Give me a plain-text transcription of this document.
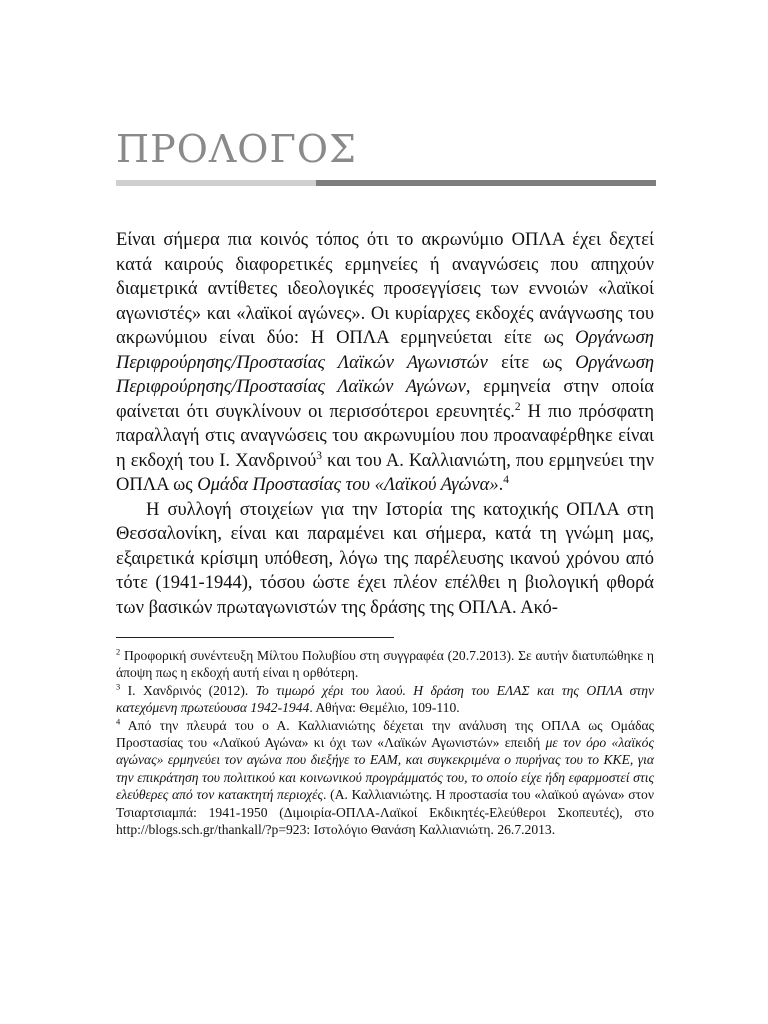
ΠΡΟΛΟΓΟΣ

Είναι σήμερα πια κοινός τόπος ότι το ακρωνύμιο ΟΠΛΑ έχει δεχτεί κατά καιρούς διαφορετικές ερμηνείες ή αναγνώσεις που απηχούν διαμετρικά αντίθετες ιδεολογικές προσεγγίσεις των εννοιών «λαϊκοί αγωνιστές» και «λαϊκοί αγώνες». Οι κυρίαρχες εκδοχές ανάγνωσης του ακρωνύμιου είναι δύο: Η ΟΠΛΑ ερμηνεύεται είτε ως Οργάνωση Περιφρούρησης/Προστασίας Λαϊκών Αγωνιστών είτε ως Οργάνωση Περιφρούρησης/Προστασίας Λαϊκών Αγώνων, ερμηνεία στην οποία φαίνεται ότι συγκλίνουν οι περισσότεροι ερευνητές.$^2$ Η πιο πρόσφατη παραλλαγή στις αναγνώσεις του ακρωνυμίου που προαναφέρθηκε είναι η εκδοχή του Ι. Χανδρινού$^3$ και του Α. Καλλιανιώτη, που ερμηνεύει την ΟΠΛΑ ως Ομάδα Προστασίας του «Λαϊκού Αγώνα».$^4$

Η συλλογή στοιχείων για την Ιστορία της κατοχικής ΟΠΛΑ στη Θεσσαλονίκη, είναι και παραμένει και σήμερα, κατά τη γνώμη μας, εξαιρετικά κρίσιμη υπόθεση, λόγω της παρέλευσης ικανού χρόνου από τότε (1941-1944), τόσου ώστε έχει πλέον επέλθει η βιολογική φθορά των βασικών πρωταγωνιστών της δράσης της ΟΠΛΑ. Ακό-

$^2$ Προφορική συνέντευξη Μίλτου Πολυβίου στη συγγραφέα (20.7.2013). Σε αυτήν διατυπώθηκε η άποψη πως η εκδοχή αυτή είναι η ορθότερη.

$^3$ Ι. Χανδρινός (2012). Το τιμωρό χέρι του λαού. Η δράση του ΕΛΑΣ και της ΟΠΛΑ στην κατεχόμενη πρωτεύουσα 1942-1944. Αθήνα: Θεμέλιο, 109-110.

$^4$ Από την πλευρά του ο Α. Καλλιανιώτης δέχεται την ανάλυση της ΟΠΛΑ ως Ομάδας Προστασίας του «Λαϊκού Αγώνα» κι όχι των «Λαϊκών Αγωνιστών» επειδή με τον όρο «λαϊκός αγώνας» ερμηνεύει τον αγώνα που διεξήγε το ΕΑΜ, και συγκεκριμένα ο πυρήνας του το ΚΚΕ, για την επικράτηση του πολιτικού και κοινωνικού προγράμματός του, το οποίο είχε ήδη εφαρμοστεί στις ελεύθερες από τον κατακτητή περιοχές. (Α. Καλλιανιώτης. Η προστασία του «λαϊκού αγώνα» στον Τσιαρτσιαμπά: 1941-1950 (Διμοιρία-ΟΠΛΑ-Λαϊκοί Εκδικητές-Ελεύθεροι Σκοπευτές), στο http://blogs.sch.gr/thankall/?p=923: Ιστολόγιο Θανάση Καλλιανιώτη. 26.7.2013.
